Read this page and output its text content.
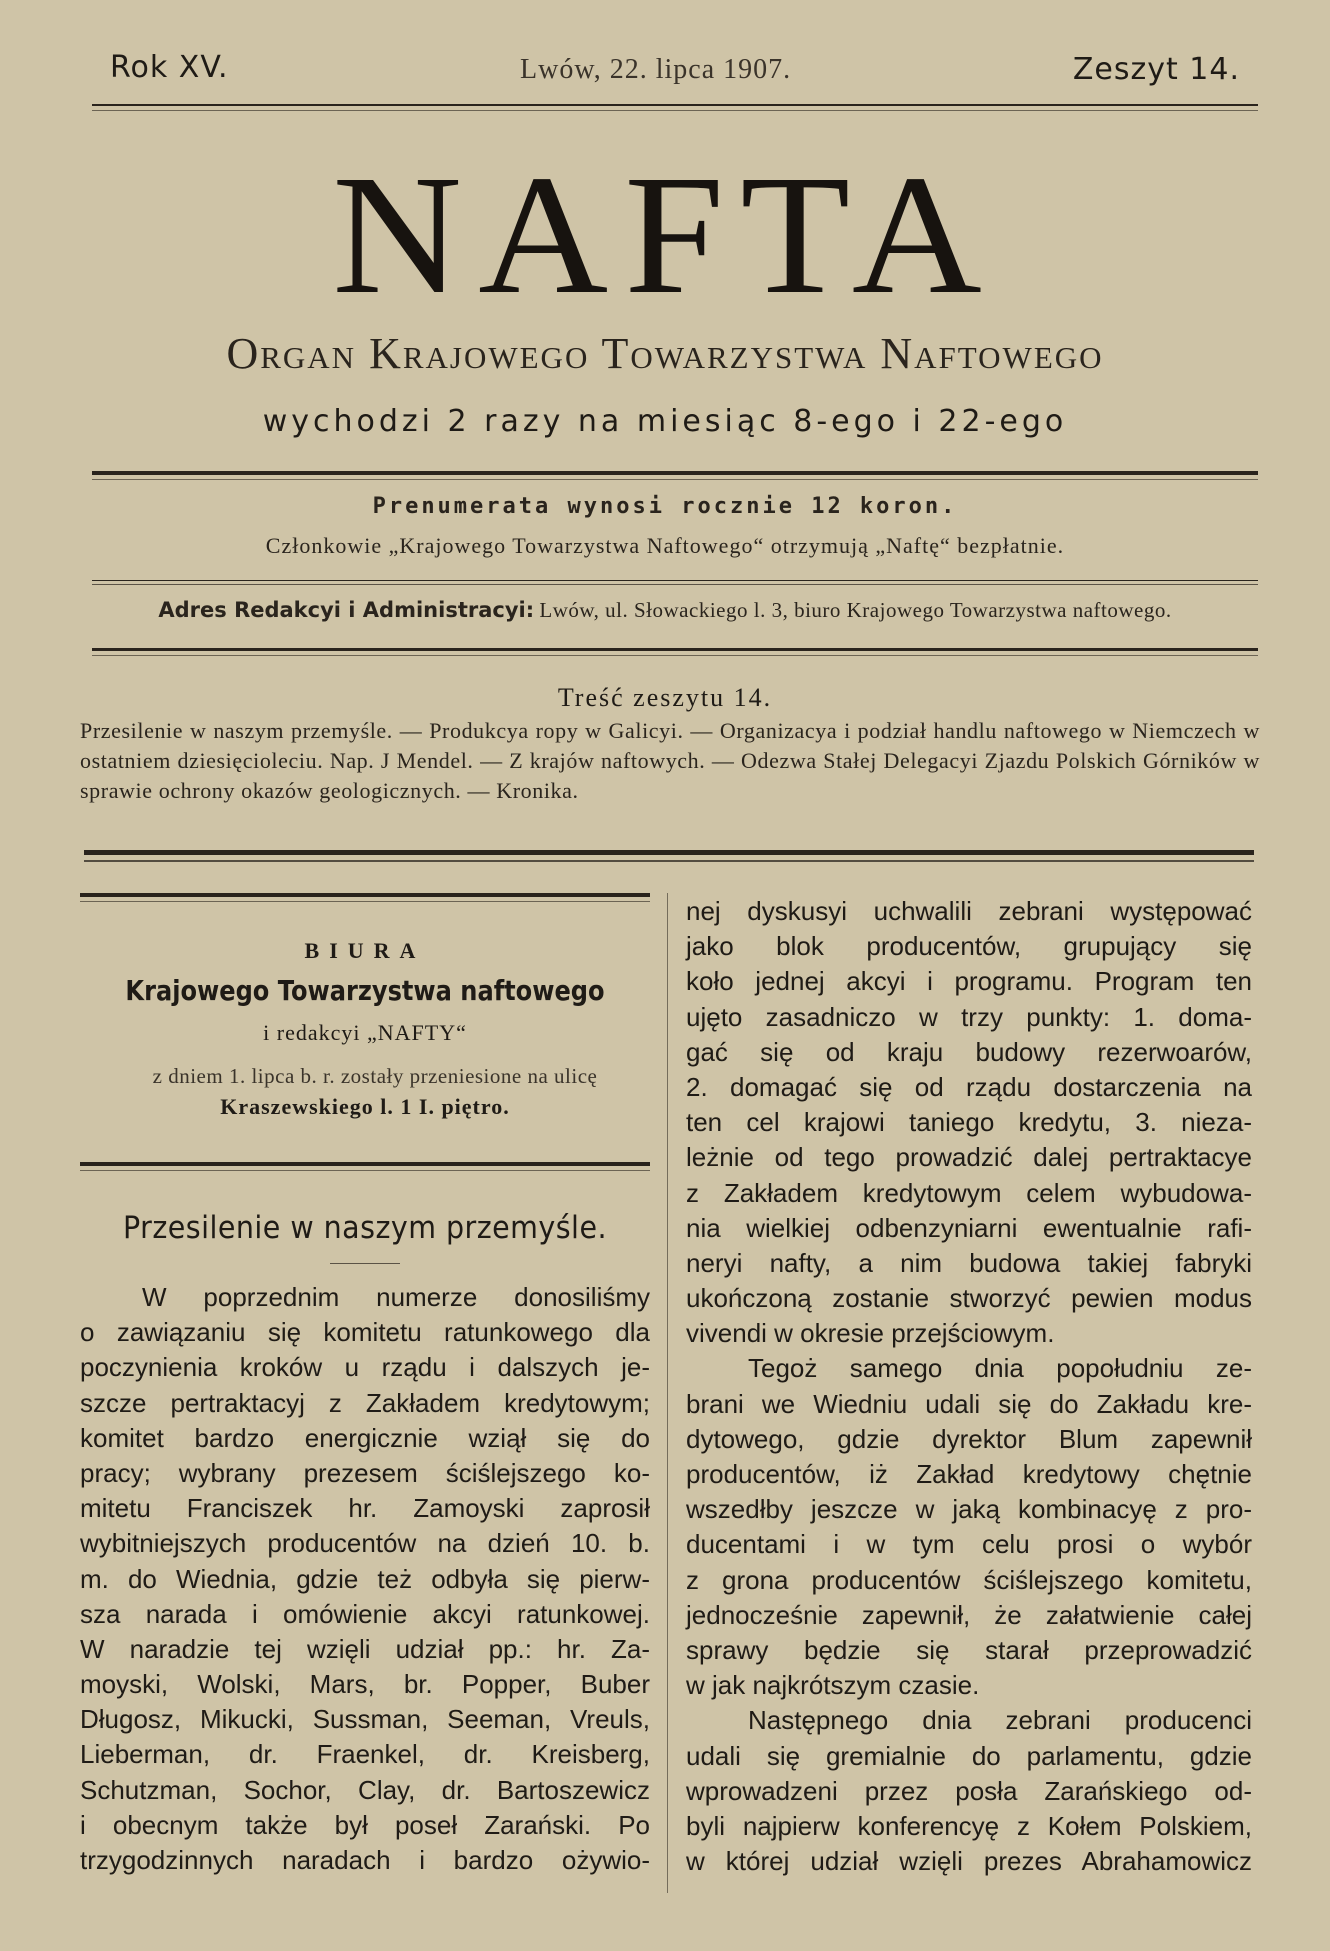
Rok XV.	Lwów, 22. lipca 1907.	Zeszyt 14.
NAFTA
Organ Krajowego Towarzystwa Naftowego
wychodzi 2 razy na miesiąc 8-ego i 22-ego
Prenumerata wynosi rocznie 12 koron.
Członkowie „Krajowego Towarzystwa Naftowego“ otrzymują „Naftę“ bezpłatnie.
Adres Redakcyi i Administracyi: Lwów, ul. Słowackiego l. 3, biuro Krajowego Towarzystwa naftowego.
Treść zeszytu 14.
Przesilenie w naszym przemyśle. — Produkcya ropy w Galicyi. — Organizacya i podział handlu naftowego w Niemczech w ostatniem dziesięcioleciu. Nap. J Mendel. — Z krajów naftowych. — Odezwa Stałej Delegacyi Zjazdu Polskich Górników w sprawie ochrony okazów geologicznych. — Kronika.
BIURA
Krajowego Towarzystwa naftowego
i redakcyi „NAFTY“
z dniem 1. lipca b. r. zostały przeniesione na ulicę
Kraszewskiego l. 1 I. piętro.
Przesilenie w naszym przemyśle.
W poprzednim numerze donosiliśmy
o zawiązaniu się komitetu ratunkowego dla
poczynienia kroków u rządu i dalszych je-
szcze pertraktacyj z Zakładem kredytowym;
komitet bardzo energicznie wziął się do
pracy; wybrany prezesem ściślejszego ko-
mitetu Franciszek hr. Zamoyski zaprosił
wybitniejszych producentów na dzień 10. b.
m. do Wiednia, gdzie też odbyła się pierw-
sza narada i omówienie akcyi ratunkowej.
W naradzie tej wzięli udział pp.: hr. Za-
moyski, Wolski, Mars, br. Popper, Buber
Długosz, Mikucki, Sussman, Seeman, Vreuls,
Lieberman, dr. Fraenkel, dr. Kreisberg,
Schutzman, Sochor, Clay, dr. Bartoszewicz
i obecnym także był poseł Zarański. Po
trzygodzinnych naradach i bardzo ożywio-
nej dyskusyi uchwalili zebrani występować
jako blok producentów, grupujący się
koło jednej akcyi i programu. Program ten
ujęto zasadniczo w trzy punkty: 1. doma-
gać się od kraju budowy rezerwoarów,
2. domagać się od rządu dostarczenia na
ten cel krajowi taniego kredytu, 3. nieza-
leżnie od tego prowadzić dalej pertraktacye
z Zakładem kredytowym celem wybudowa-
nia wielkiej odbenzyniarni ewentualnie rafi-
neryi nafty, a nim budowa takiej fabryki
ukończoną zostanie stworzyć pewien modus
vivendi w okresie przejściowym.
Tegoż samego dnia popołudniu ze-
brani we Wiedniu udali się do Zakładu kre-
dytowego, gdzie dyrektor Blum zapewnił
producentów, iż Zakład kredytowy chętnie
wszedłby jeszcze w jaką kombinacyę z pro-
ducentami i w tym celu prosi o wybór
z grona producentów ściślejszego komitetu,
jednocześnie zapewnił, że załatwienie całej
sprawy będzie się starał przeprowadzić
w jak najkrótszym czasie.
Następnego dnia zebrani producenci
udali się gremialnie do parlamentu, gdzie
wprowadzeni przez posła Zarańskiego od-
byli najpierw konferencyę z Kołem Polskiem,
w której udział wzięli prezes Abrahamowicz
